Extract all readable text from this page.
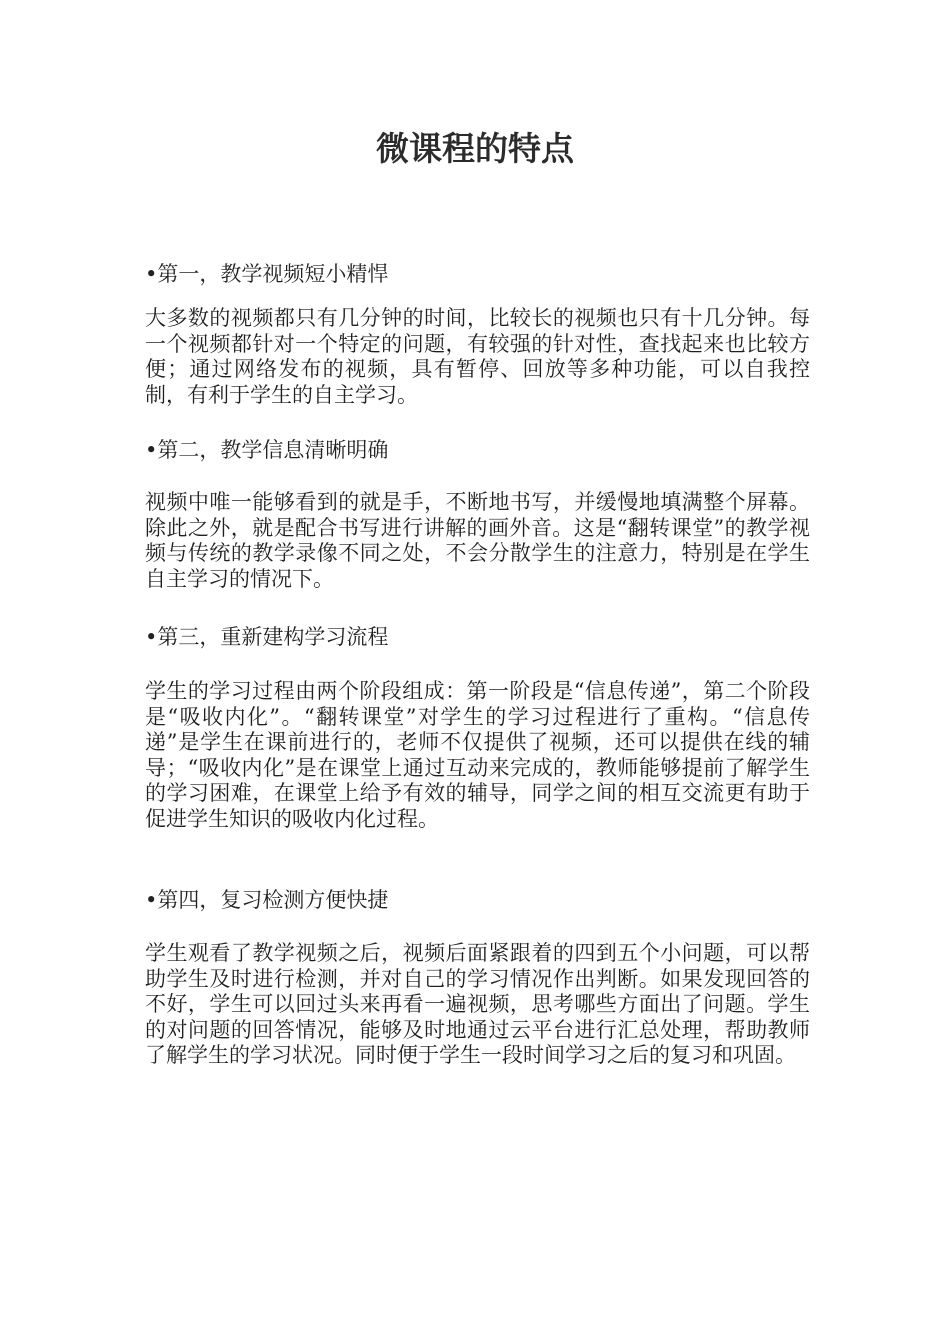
微课程的特点

•第一，教学视频短小精悍

大多数的视频都只有几分钟的时间，比较长的视频也只有十几分钟。每一个视频都针对一个特定的问题，有较强的针对性，查找起来也比较方便；通过网络发布的视频，具有暂停、回放等多种功能，可以自我控制，有利于学生的自主学习。

•第二，教学信息清晰明确

视频中唯一能够看到的就是手，不断地书写，并缓慢地填满整个屏幕。除此之外，就是配合书写进行讲解的画外音。这是“翻转课堂”的教学视频与传统的教学录像不同之处，不会分散学生的注意力，特别是在学生自主学习的情况下。

•第三，重新建构学习流程

学生的学习过程由两个阶段组成：第一阶段是“信息传递”，第二个阶段是“吸收内化”。“翻转课堂”对学生的学习过程进行了重构。“信息传递”是学生在课前进行的，老师不仅提供了视频，还可以提供在线的辅导；“吸收内化”是在课堂上通过互动来完成的，教师能够提前了解学生的学习困难，在课堂上给予有效的辅导，同学之间的相互交流更有助于促进学生知识的吸收内化过程。

•第四，复习检测方便快捷

学生观看了教学视频之后，视频后面紧跟着的四到五个小问题，可以帮助学生及时进行检测，并对自己的学习情况作出判断。如果发现回答的不好，学生可以回过头来再看一遍视频，思考哪些方面出了问题。学生的对问题的回答情况，能够及时地通过云平台进行汇总处理，帮助教师了解学生的学习状况。同时便于学生一段时间学习之后的复习和巩固。
